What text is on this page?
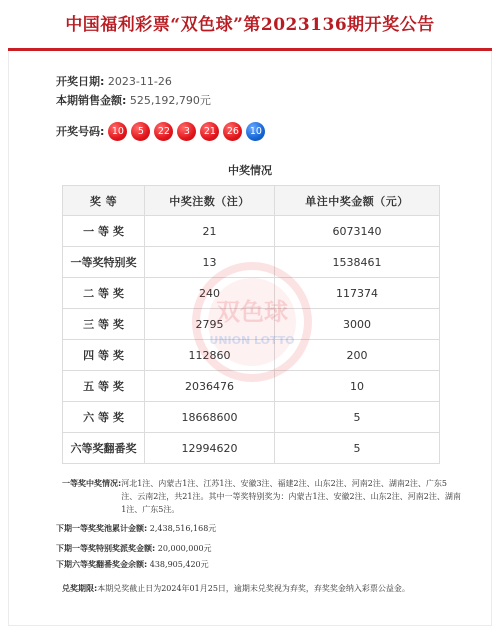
中国福利彩票“双色球”第2023136期开奖公告
开奖日期: 2023-11-26
本期销售金额: 525,192,790元
开奖号码: 10	5	22	3	21	26	10
中奖情况
奖 等	中奖注数（注）	单注中奖金额（元）
一 等 奖	21	6073140
一等奖特别奖	13	1538461
二 等 奖	240	117374
三 等 奖	2795	3000
四 等 奖	112860	200
五 等 奖	2036476	10
六 等 奖	18668600	5
六等奖翻番奖	12994620	5
一等奖中奖情况: 河北1注、内蒙古1注、江苏1注、安徽3注、福建2注、山东2注、河南2注、湖南2注、广东5注、云南2注，共21注。其中一等奖特别奖为：内蒙古1注、安徽2注、山东2注、河南2注、湖南1注、广东5注。
下期一等奖奖池累计金额: 2,438,516,168元
下期一等奖特别奖派奖金额: 20,000,000元
下期六等奖翻番奖金余额: 438,905,420元
兑奖期限: 本期兑奖截止日为2024年01月25日，逾期未兑奖视为弃奖，弃奖奖金纳入彩票公益金。
